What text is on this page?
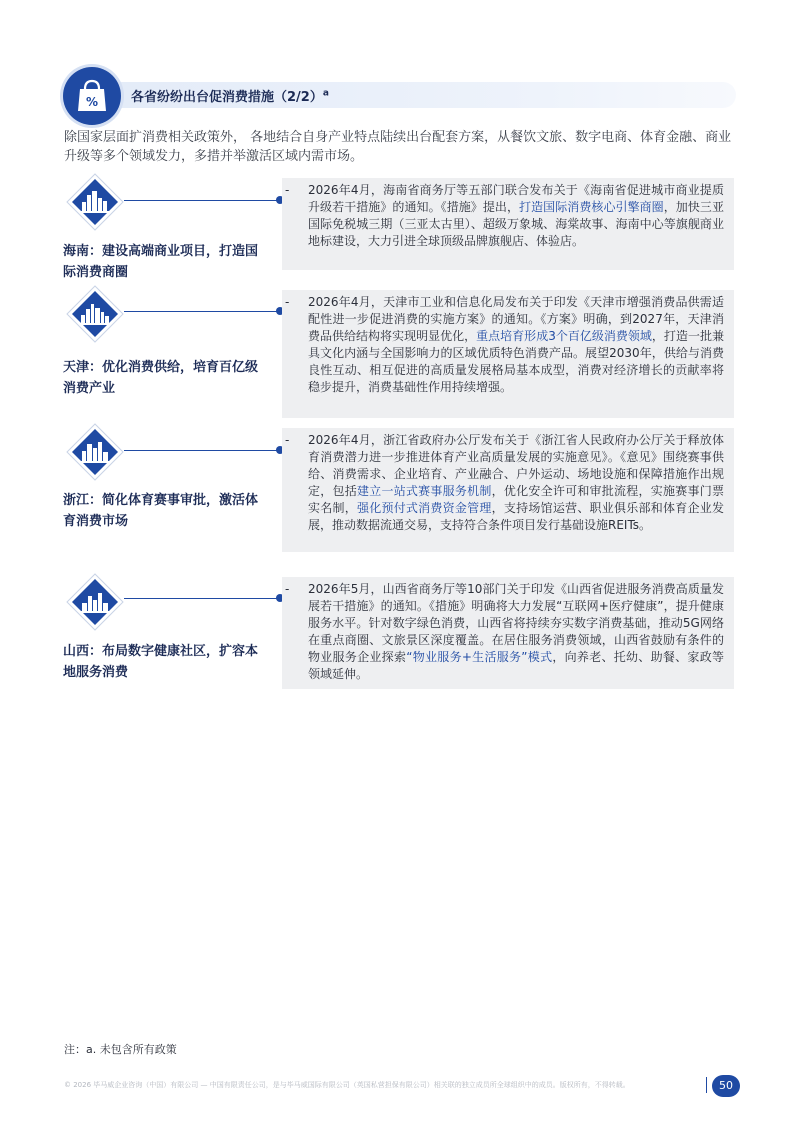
%	各省纷纷出台促消费措施$(2/2)^a$

除国家层面扩消费相关政策外， 各地结合自身产业特点陆续出台配套方案，从餐饮文旅、数字电商、体育金融、商业升级等多个领域发力，多措并举激活区域内需市场。

海南：建设高端商业项目，打造国
际消费商圈
- 2026年4月，海南省商务厅等五部门联合发布关于《海南省促进城市商业提质升级若干措施》的通知。《措施》提出，打造国际消费核心引擎商圈，加快三亚国际免税城三期（三亚太古里）、超级万象城、海棠故事、海南中心等旗舰商业地标建设，大力引进全球顶级品牌旗舰店、体验店。
天津：优化消费供给，培育百亿级
消费产业
- 2026年4月，天津市工业和信息化局发布关于印发《天津市增强消费品供需适配性进一步促进消费的实施方案》的通知。《方案》明确，到2027年，天津消费品供给结构将实现明显优化，重点培育形成3个百亿级消费领域，打造一批兼具文化内涵与全国影响力的区域优质特色消费产品。展望2030年，供给与消费良性互动、相互促进的高质量发展格局基本成型，消费对经济增长的贡献率将稳步提升，消费基础性作用持续增强。
浙江：简化体育赛事审批，激活体
育消费市场
- 2026年4月，浙江省政府办公厅发布关于《浙江省人民政府办公厅关于释放体育消费潜力进一步推进体育产业高质量发展的实施意见》。《意见》围绕赛事供给、消费需求、企业培育、产业融合、户外运动、场地设施和保障措施作出规定，包括建立一站式赛事服务机制，优化安全许可和审批流程，实施赛事门票实名制，强化预付式消费资金管理，支持场馆运营、职业俱乐部和体育企业发展，推动数据流通交易，支持符合条件项目发行基础设施REITs。
山西：布局数字健康社区，扩容本
地服务消费
- 2026年5月，山西省商务厅等10部门关于印发《山西省促进服务消费高质量发展若干措施》的通知。《措施》明确将大力发展“互联网+医疗健康”，提升健康服务水平。针对数字绿色消费，山西省将持续夯实数字消费基础，推动5G网络在重点商圈、文旅景区深度覆盖。在居住服务消费领域，山西省鼓励有条件的物业服务企业探索“物业服务+生活服务”模式，向养老、托幼、助餐、家政等领域延伸。
注：a. 未包含所有政策
© 2026 毕马威企业咨询（中国）有限公司 — 中国有限责任公司，是与毕马威国际有限公司（英国私营担保有限公司）相关联的独立成员所全球组织中的成员。版权所有，不得转载。	50
